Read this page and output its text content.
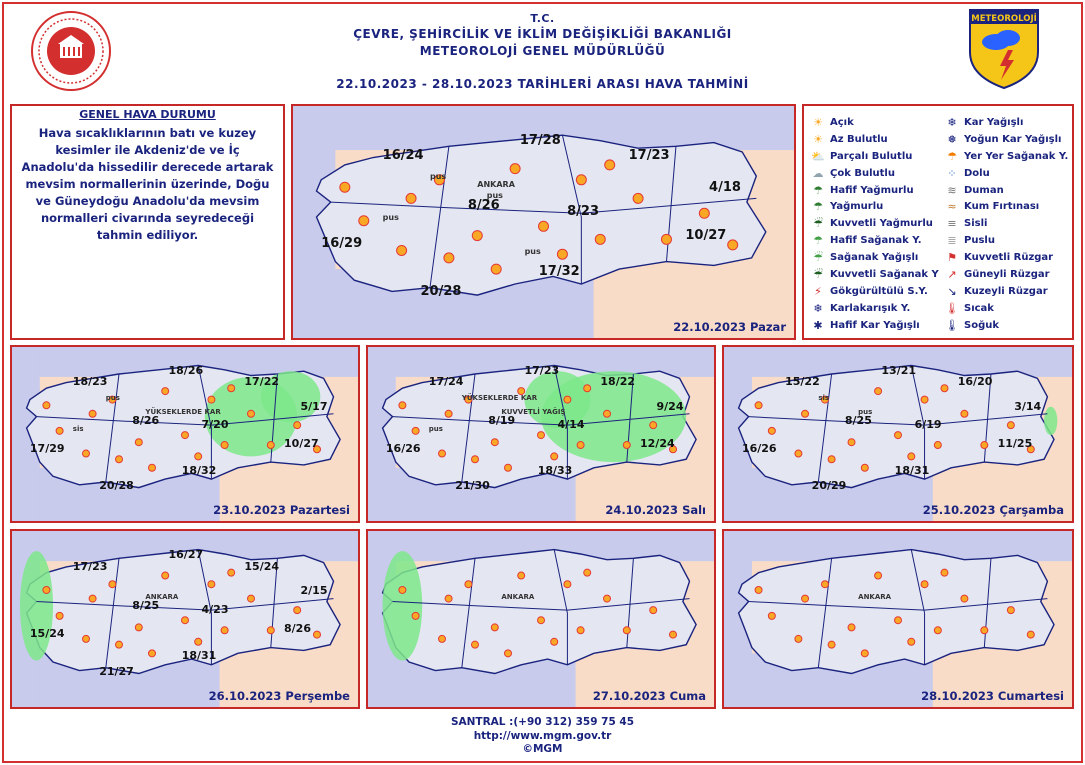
METEOROLOJİ
T.C.
ÇEVRE, ŞEHİRCİLİK VE İKLİM DEĞİŞİKLİĞİ BAKANLIĞI
METEOROLOJİ GENEL MÜDÜRLÜĞÜ
22.10.2023 - 28.10.2023 TARİHLERİ ARASI HAVA TAHMİNİ
GENEL HAVA DURUMU
Hava sıcaklıklarının batı ve kuzey kesimler ile Akdeniz'de ve İç Anadolu'da hissedilir derecede artarak mevsim normallerinin üzerinde, Doğu ve Güneydoğu Anadolu'da mevsim normalleri civarında seyredeceği tahmin ediliyor.
☀ Açık
☀ Az Bulutlu
⛅ Parçalı Bulutlu
☁ Çok Bulutlu
☂ Hafif Yağmurlu
☂ Yağmurlu
☔ Kuvvetli Yağmurlu
☂ Hafif Sağanak Y.
☔ Sağanak Yağışlı
☔ Kuvvetli Sağanak Y
⚡ Gökgürültülü S.Y.
❄ Karlakarışık Y.
✱ Hafif Kar Yağışlı
❄ Kar Yağışlı
❅ Yoğun Kar Yağışlı
☂ Yer Yer Sağanak Y.
⁘ Dolu
≋ Duman
≈ Kum Fırtınası
≡ Sisli
≣ Puslu
⚑ Kuvvetli Rüzgar
↗ Güneyli Rüzgar
↘ Kuzeyli Rüzgar
🌡 Sıcak
🌡 Soğuk
22.10.2023 Pazar
16/24
17/28
17/23
4/18
8/26	8/23
10/27
16/29
17/32
20/28
pus
pus
pus
pus
ANKARA
23.10.2023 Pazartesi
18/23
18/26
17/22
5/17
8/26	7/20
10/27
17/29
18/32
20/28
YÜKSEKLERDE KAR
pus
sis
24.10.2023 Salı
17/24
17/23
18/22
9/24
8/19	4/14
12/24
16/26
18/33
21/30
KUVVETLİ YAĞIŞ
YÜKSEKLERDE KAR
pus
25.10.2023 Çarşamba
15/22
13/21
16/20
3/14
8/25	6/19
11/25
16/26
18/31
20/29
pus
sis
26.10.2023 Perşembe
17/23
16/27
15/24
2/15
8/25	4/23
8/26
15/24
18/31
21/27
ANKARA
27.10.2023 Cuma
ANKARA
28.10.2023 Cumartesi
ANKARA
SANTRAL :(+90 312) 359 75 45
http://www.mgm.gov.tr
©MGM
